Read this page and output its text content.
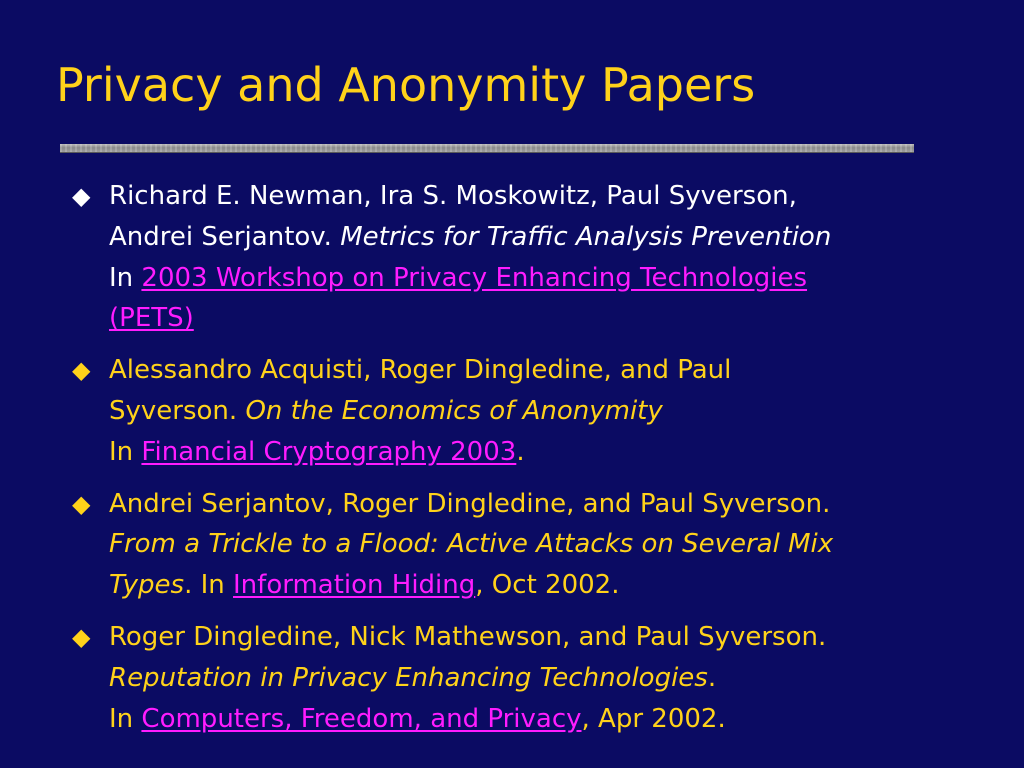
Privacy and Anonymity Papers
◆ Richard E. Newman, Ira S. Moskowitz, Paul Syverson,
Andrei Serjantov. Metrics for Traffic Analysis Prevention
In 2003 Workshop on Privacy Enhancing Technologies
(PETS)
◆ Alessandro Acquisti, Roger Dingledine, and Paul
Syverson. On the Economics of Anonymity
In Financial Cryptography 2003.
◆ Andrei Serjantov, Roger Dingledine, and Paul Syverson.
From a Trickle to a Flood: Active Attacks on Several Mix
Types. In Information Hiding, Oct 2002.
◆ Roger Dingledine, Nick Mathewson, and Paul Syverson.
Reputation in Privacy Enhancing Technologies.
In Computers, Freedom, and Privacy, Apr 2002.
